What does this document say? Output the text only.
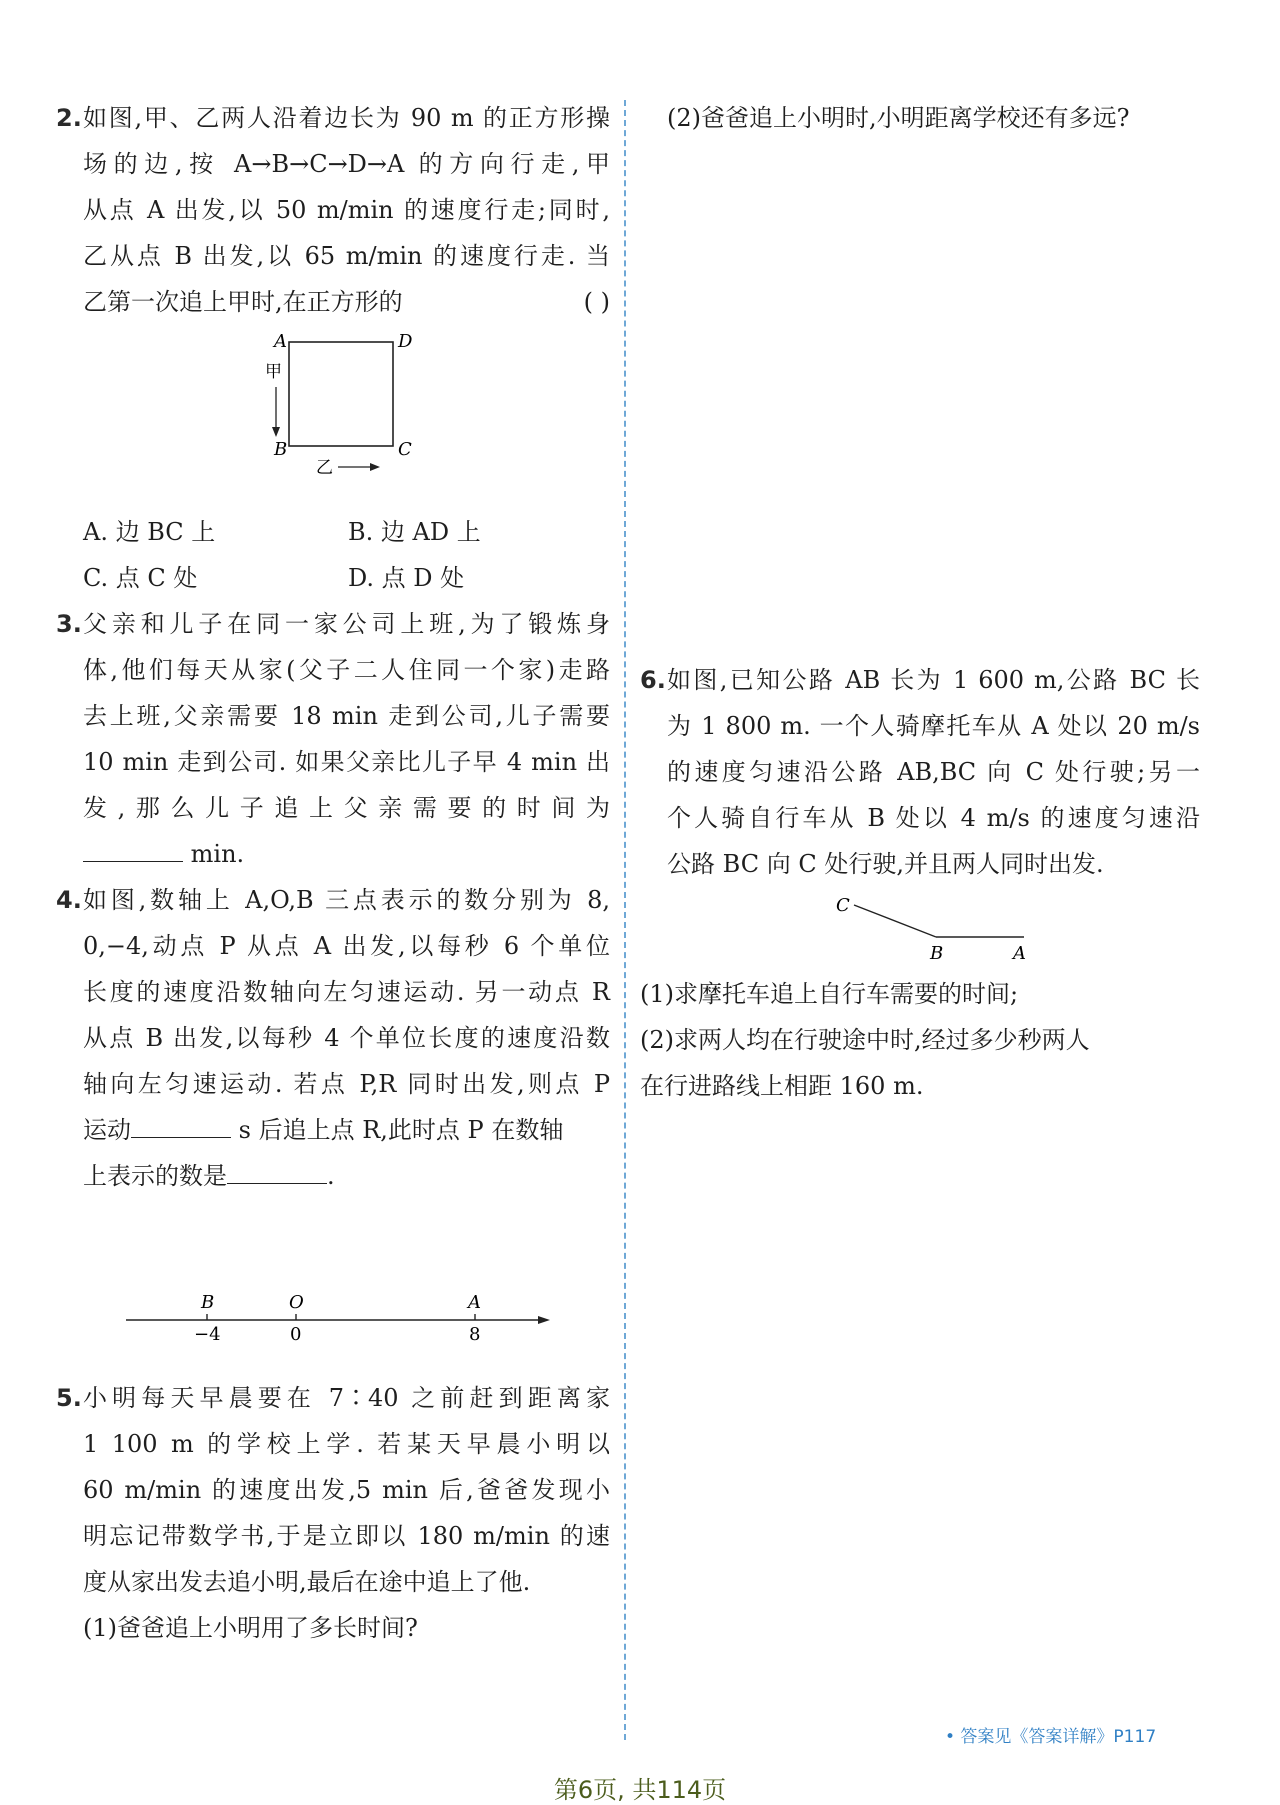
2. 如图,甲、乙两人沿着边长为 90 m 的正方形操
场的边,按 A→B→C→D→A 的方向行走,甲
从点 A 出发,以 50 m/min 的速度行走;同时,
乙从点 B 出发,以 65 m/min 的速度行走. 当
乙第一次追上甲时,在正方形的	( )
A	D
B	C
甲
乙
A. 边 BC 上	B. 边 AD 上
C. 点 C 处	D. 点 D 处
3. 父亲和儿子在同一家公司上班,为了锻炼身
体,他们每天从家(父子二人住同一个家)走路
去上班,父亲需要 18 min 走到公司,儿子需要
10 min 走到公司. 如果父亲比儿子早 4 min 出
发,那么儿子追上父亲需要的时间为
min.
4. 如图,数轴上 A,O,B 三点表示的数分别为 8,
0,−4,动点 P 从点 A 出发,以每秒 6 个单位
长度的速度沿数轴向左匀速运动. 另一动点 R
从点 B 出发,以每秒 4 个单位长度的速度沿数
轴向左匀速运动. 若点 P,R 同时出发,则点 P
运动	s 后追上点 R,此时点 P 在数轴
上表示的数是	.
B	O	A
−4	0	8
5. 小明每天早晨要在 7∶40 之前赶到距离家
1 100 m 的学校上学. 若某天早晨小明以
60 m/min 的速度出发,5 min 后,爸爸发现小
明忘记带数学书,于是立即以 180 m/min 的速
度从家出发去追小明,最后在途中追上了他.
(1)爸爸追上小明用了多长时间?
(2)爸爸追上小明时,小明距离学校还有多远?
6. 如图,已知公路 AB 长为 1 600 m,公路 BC 长
为 1 800 m. 一个人骑摩托车从 A 处以 20 m/s
的速度匀速沿公路 AB,BC 向 C 处行驶;另一
个人骑自行车从 B 处以 4 m/s 的速度匀速沿
公路 BC 向 C 处行驶,并且两人同时出发.
C
B	A
(1)求摩托车追上自行车需要的时间;
(2)求两人均在行驶途中时,经过多少秒两人
在行进路线上相距 160 m.
• 答案见《答案详解》P117
第6页, 共114页
